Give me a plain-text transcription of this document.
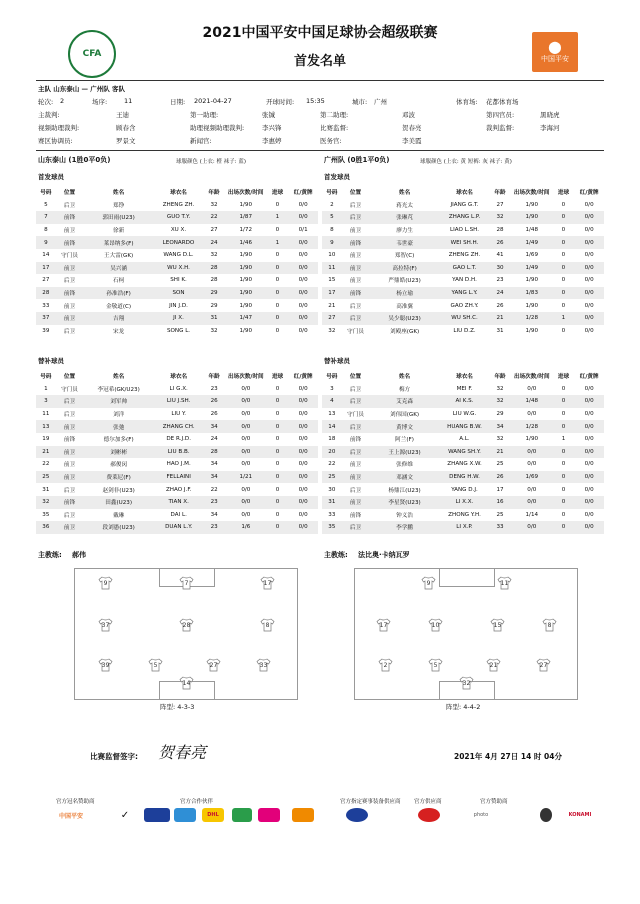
CFA
2021中国平安中国足球协会超级联赛
首发名单
⬤
中国平安
主队 山东泰山 — 广州队 客队
轮次: 2	场序:	11	日期: 2021-04-27	开球时间: 15:35	城市: 广州	体育场: 花都体育场
主裁判:	王迪	第一助理:	张铖	第二助理:	邓波	第四官员:	黑晓虎
视频助理裁判:	顾春含	助理视频助理裁判:	李兴锋	比赛监督:	贺春亮	裁判监督:	李海河
赛区协调员:	罗景文	新闻官:	李惠婷	医务官:	李美霞
山东泰山 (1胜0平0负)	球服颜色 (上衣: 橙 袜子: 蓝)
首发球员
号码	位置	姓名	球衣名	年龄	出场次数/时间	进球	红/黄牌
5	后卫	郑铮	ZHENG ZH.	32	1/90	0	0/0
7	前锋	郭田雨(U23)	GUO T.Y.	22	1/87	1	0/0
8	前卫	徐新	XU X.	27	1/72	0	0/1
9	前锋	莱昂纳多(F)	LEONARDO	24	1/46	1	0/0
14	守门员	王大雷(GK)	WANG D.L.	32	1/90	0	0/0
17	前卫	吴兴涵	WU X.H.	28	1/90	0	0/0
27	后卫	石柯	SHI K.	28	1/90	0	0/0
28	前锋	孙准浩(F)	SON	29	1/90	0	0/0
33	前卫	金敬道(C)	JIN J.D.	29	1/90	0	0/0
37	前卫	吉翔	JI X.	31	1/47	0	0/0
39	后卫	宋龙	SONG L.	32	1/90	0	0/0
替补球员
号码	位置	姓名	球衣名	年龄	出场次数/时间	进球	红/黄牌
1	守门员	李冠希(GK/U23)	LI G.X.	23	0/0	0	0/0
3	后卫	刘军帅	LIU J.SH.	26	0/0	0	0/0
11	后卫	刘洋	LIU Y.	26	0/0	0	0/0
13	前卫	张弛	ZHANG CH.	34	0/0	0	0/0
19	前锋	德尔加多(F)	DE R.J.D.	24	0/0	0	0/0
21	前卫	刘彬彬	LIU B.B.	28	0/0	0	0/0
22	前卫	郝俊闵	HAO J.M.	34	0/0	0	0/0
25	前卫	费莱尼(F)	FELLAINI	34	1/21	0	0/0
31	后卫	赵剑非(U23)	ZHAO J.F.	22	0/0	0	0/0
32	前锋	田鑫(U23)	TIAN X.	23	0/0	0	0/0
35	后卫	戴琳	DAI L.	34	0/0	0	0/0
36	前卫	段刘愚(U23)	DUAN L.Y.	23	1/6	0	0/0
广州队 (0胜1平0负)	球服颜色 (上衣: 黄 短裤: 灰 袜子: 黄)
首发球员
号码	位置	姓名	球衣名	年龄	出场次数/时间	进球	红/黄牌
2	后卫	蒋光太	JIANG G.T.	27	1/90	0	0/0
5	后卫	张琳芃	ZHANG L.P.	32	1/90	0	0/0
8	前卫	廖力生	LIAO L.SH.	28	1/48	0	0/0
9	前锋	韦世豪	WEI SH.H.	26	1/49	0	0/0
10	前卫	郑智(C)	ZHENG ZH.	41	1/69	0	0/0
11	前卫	高拉特(F)	GAO L.T.	30	1/49	0	0/0
15	前卫	严鼎皓(U23)	YAN D.H.	23	1/90	0	0/0
17	前锋	杨立瑜	YANG L.Y.	24	1/83	0	0/0
21	后卫	高准翼	GAO ZH.Y.	26	1/90	0	0/0
27	后卫	吴少聪(U23)	WU SH.C.	21	1/28	1	0/0
32	守门员	刘殿座(GK)	LIU D.Z.	31	1/90	0	0/0
替补球员
号码	位置	姓名	球衣名	年龄	出场次数/时间	进球	红/黄牌
3	后卫	梅方	MEI F.	32	0/0	0	0/0
4	后卫	艾克森	AI K.S.	32	1/48	0	0/0
13	守门员	刘伟国(GK)	LIU W.G.	29	0/0	0	0/0
14	后卫	黄博文	HUANG B.W.	34	1/28	0	0/0
18	前锋	阿兰(F)	A.L.	32	1/90	1	0/0
20	后卫	王上源(U23)	WANG SH.Y.	21	0/0	0	0/0
22	前卫	张修维	ZHANG X.W.	25	0/0	0	0/0
25	前卫	邓涵文	DENG H.W.	26	1/69	0	0/0
30	后卫	杨鼎江(U23)	YANG D.J.	17	0/0	0	0/0
31	前卫	李星贤(U23)	LI X.X.	16	0/0	0	0/0
33	前锋	钟义浩	ZHONG Y.H.	25	1/14	0	0/0
35	后卫	李学鹏	LI X.P.	33	0/0	0	0/0
主教练: 郝伟	主教练: 法比奥·卡纳瓦罗
9	7	17
37	28	8
39	5	27	33
14
阵型: 4-3-3
9	11
17	10	15	8
2	5	21	27
32
阵型: 4-4-2
比赛监督签字: 贺春亮	2021年 4月 27日 14 时 04分
官方冠名赞助商	官方合作伙伴	官方指定赛事装备供应商 官方供应商	官方赞助商
中国平安	✓	DHL	photo	KONAMI
